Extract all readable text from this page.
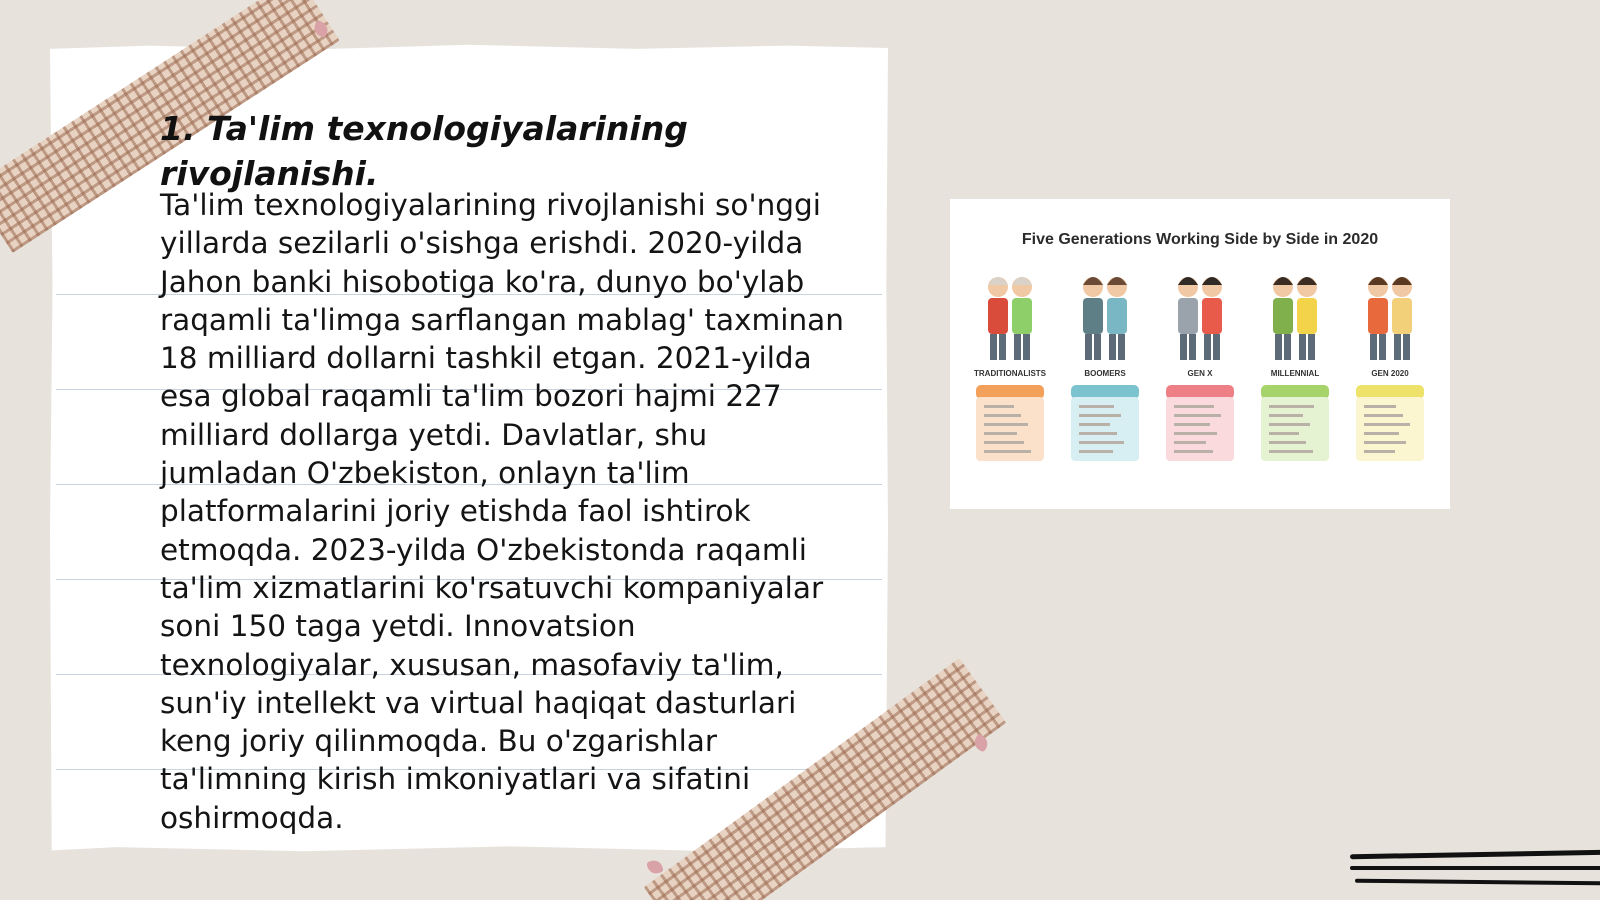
1. Ta'lim texnologiyalarining rivojlanishi.

Ta'lim texnologiyalarining rivojlanishi so'nggi yillarda sezilarli o'sishga erishdi. 2020-yilda Jahon banki hisobotiga ko'ra, dunyo bo'ylab raqamli ta'limga sarflangan mablag' taxminan 18 milliard dollarni tashkil etgan. 2021-yilda esa global raqamli ta'lim bozori hajmi 227 milliard dollarga yetdi. Davlatlar, shu jumladan O'zbekiston, onlayn ta'lim platformalarini joriy etishda faol ishtirok etmoqda. 2023-yilda O'zbekistonda raqamli ta'lim xizmatlarini ko'rsatuvchi kompaniyalar soni 150 taga yetdi. Innovatsion texnologiyalar, xususan, masofaviy ta'lim, sun'iy intellekt va virtual haqiqat dasturlari keng joriy qilinmoqda. Bu o'zgarishlar ta'limning kirish imkoniyatlari va sifatini oshirmoqda.

Five Generations Working Side by Side in 2020
TRADITIONALISTS	BOOMERS	GEN X	MILLENNIAL	GEN 2020
